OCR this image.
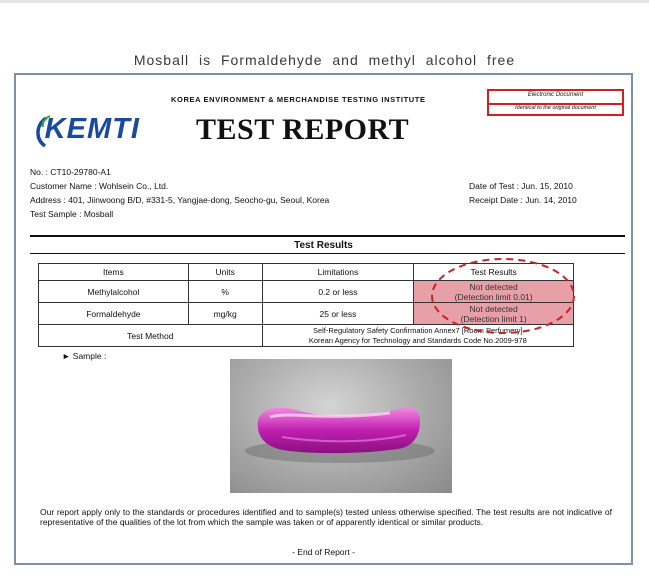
Mosball is Formaldehyde and methyl alcohol free
KOREA ENVIRONMENT & MERCHANDISE TESTING INSTITUTE	Electronic Document
Identical to the original document
KEMTI TEST REPORT
No. : CT10-29780-A1
Customer Name : Wohlsein Co., Ltd.
Address : 401, Jiinwoong B/D, #331-5, Yangjae-dong, Seocho-gu, Seoul, Korea
Test Sample : Mosball
Date of Test : Jun. 15, 2010
Receipt Date : Jun. 14, 2010
Test Results
Items	Units	Limitations	Test Results
Methylalcohol	%	0.2 or less	Not detected
(Detection limit 0.01)

Formaldehyde	mg/kg	25 or less	Not detected
(Detection limit 1)

Test Method		Self-Regulatory Safety Confirmation Annex7 [Room Perfumery]
Korean Agency for Technology and Standards Code No.2009-978	
► Sample :
Our report apply only to the standards or procedures identified and to sample(s) tested unless otherwise specified. The test results are not indicative of representative of the qualities of the lot from which the sample was taken or of apparently identical or similar products.
- End of Report -
